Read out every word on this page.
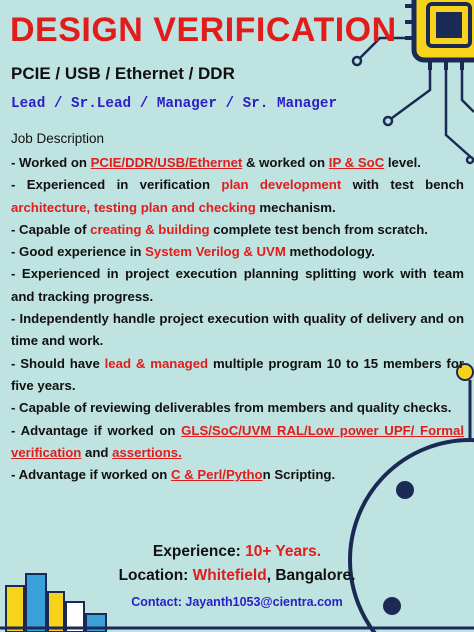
DESIGN VERIFICATION
PCIE / USB / Ethernet / DDR
Lead / Sr.Lead / Manager / Sr. Manager
Job Description

- Worked on PCIE/DDR/USB/Ethernet & worked on IP & SoC level.

- Experienced in verification plan development with test bench architecture, testing plan and checking mechanism.

- Capable of creating & building complete test bench from scratch.

- Good experience in System Verilog & UVM methodology.

- Experienced in project execution planning splitting work with team and tracking progress.

- Independently handle project execution with quality of delivery and on time and work.

- Should have lead & managed multiple program 10 to 15 members for five years.

- Capable of reviewing deliverables from members and quality checks.

- Advantage if worked on GLS/SoC/UVM RAL/Low power UPF/ Formal verification and assertions.

- Advantage if worked on C & Perl/Python Scripting.

Experience: 10+ Years.
Location: Whitefield, Bangalore.
Contact: Jayanth1053@cientra.com
